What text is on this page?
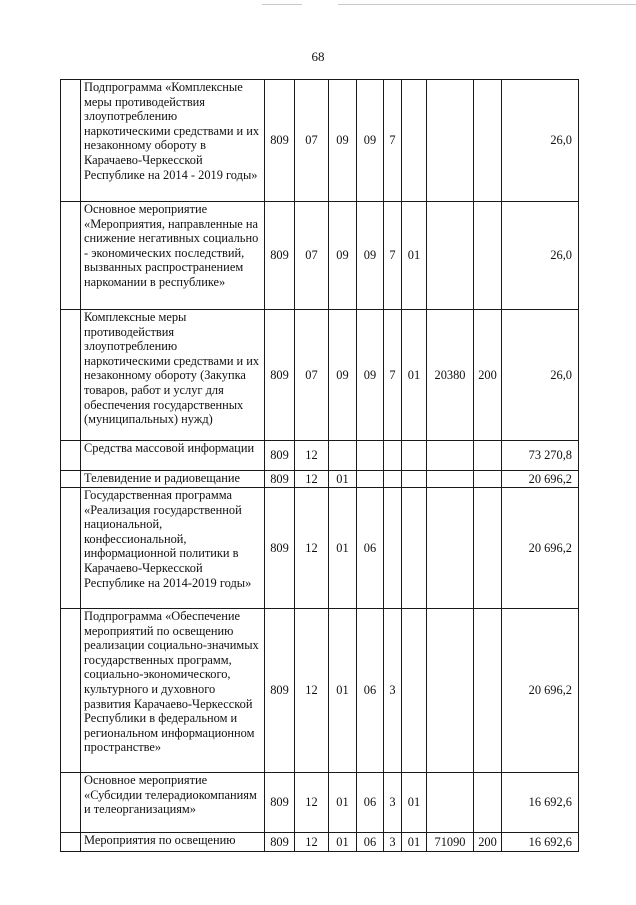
68
	Подпрограмма «Комплексные меры противодействия злоупотреблению наркотическими средствами и их незаконному обороту в Карачаево-Черкесской Республике на 2014 - 2019 годы»	809	07	09	09	7				26,0
	Основное мероприятие «Мероприятия, направленные на снижение негативных социально - экономических последствий, вызванных распространением наркомании в республике»	809	07	09	09	7	01			26,0
	Комплексные меры противодействия злоупотреблению наркотическими средствами и их незаконному обороту (Закупка товаров, работ и услуг для обеспечения государственных (муниципальных) нужд)	809	07	09	09	7	01	20380	200	26,0
	Средства массовой информации	809	12							73 270,8
	Телевидение и радиовещание	809	12	01						20 696,2
	Государственная программа «Реализация государственной национальной, конфессиональной, информационной политики в Карачаево-Черкесской Республике на 2014-2019 годы»	809	12	01	06					20 696,2
	Подпрограмма «Обеспечение мероприятий по освещению реализации социально-значимых государственных программ, социально-экономического, культурного и духовного развития Карачаево-Черкесской Республики в федеральном и региональном информационном пространстве»	809	12	01	06	3				20 696,2
	Основное мероприятие «Субсидии телерадиокомпаниям и телеорганизациям»	809	12	01	06	3	01			16 692,6
	Мероприятия по освещению	809	12	01	06	3	01	71090	200	16 692,6
